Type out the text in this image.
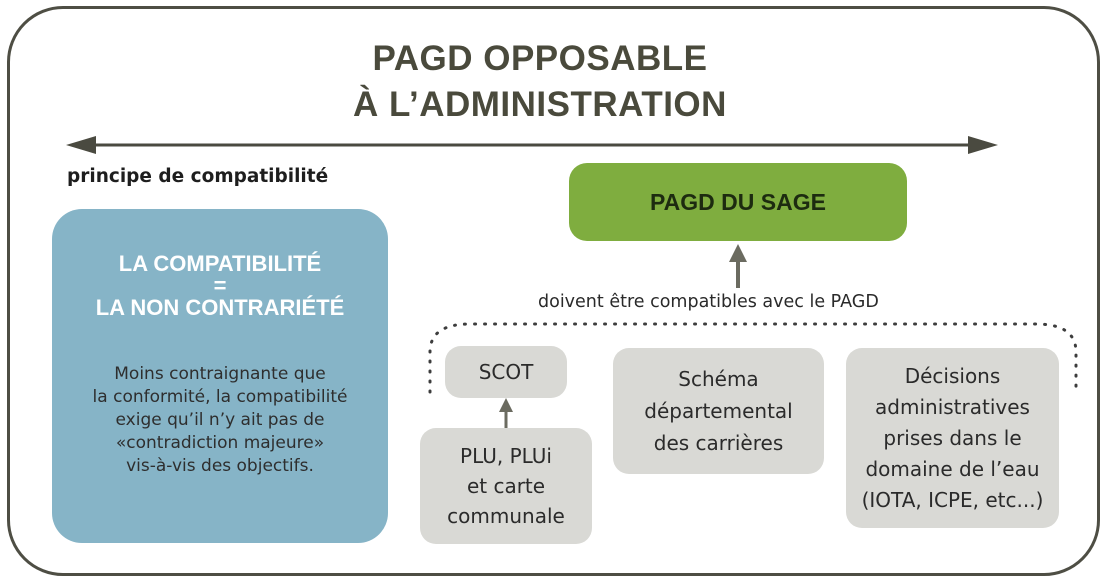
PAGD OPPOSABLE
À L’ADMINISTRATION
principe de compatibilité
LA COMPATIBILITÉ
=
LA NON CONTRARIÉTÉ
Moins contraignante que
la conformité, la compatibilité
exige qu’il n’y ait pas de
«contradiction majeure»
vis-à-vis des objectifs.
PAGD DU SAGE
doivent être compatibles avec le PAGD
SCOT
PLU, PLUi
et carte
communale
Schéma
départemental
des carrières
Décisions
administratives
prises dans le
domaine de l’eau
(IOTA, ICPE, etc...)
